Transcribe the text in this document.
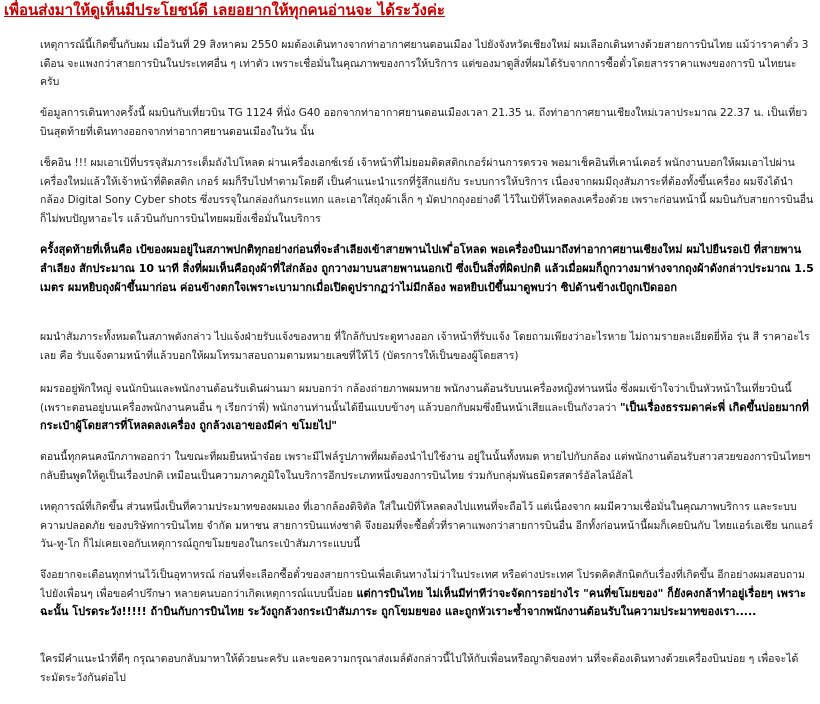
เพื่อนส่งมาให้ดูเห็นมีประโยชน์ดี เลยอยากให้ทุกคนอ่านจะ ได้ระวังค่ะ
เหตุการณ์นี้เกิดขึ้นกับผม เมื่อวันที่ 29 สิงหาคม 2550 ผมต้องเดินทางจากท่าอากาศยานดอนเมือง ไปยังจังหวัดเชียงใหม่ ผมเลือกเดินทางด้วยสายการบินไทย แม้ว่าราคาตั๋ว 3 เดือน จะแพงกว่าสายการบินในประเทศอื่น ๆ เท่าตัว เพราะเชื่อมั่นในคุณภาพของการให้บริการ แต่ของมาดูสิ่งที่ผมได้รับจากการซื้อตั๋วโดยสารราคาแพงของการบิ นไทยนะครับ
ข้อมูลการเดินทางครั้งนี้ ผมบินกับเที่ยวบิน TG 1124 ที่นั่ง G40 ออกจากท่าอากาศยานดอนเมืองเวลา 21.35 น. ถึงท่าอากาศยานเชียงใหม่เวลาประมาณ 22.37 น. เป็นเที่ยวบินสุดท้ายที่เดินทางออกจากท่าอากาศยานดอนเมืองในวัน นั้น
เช็คอิน !!! ผมเอาเป้ที่บรรจุสัมภาระเต็มถังไปโหลด ผ่านเครื่องเอกซ์เรย์ เจ้าหน้าที่ไม่ยอมติดสติกเกอร์ผ่านการตรวจ พอมาเช็คอินที่เคาน์เตอร์ พนักงานบอกให้ผมเอาไปผ่านเครื่องใหม่แล้วให้เจ้าหน้าที่ติดสติก เกอร์ ผมก็รีบไปทำตามโดยดี เป็นคำแนะนำแรกที่รู้สึกแย่กับ ระบบการให้บริการ เนื่องจากผมมีถุงสัมภาระที่ต้องทั้งขึ้นเครื่อง ผมจึงได้นำกล้อง Digital Sony Cyber shots ซึ่งบรรจุในกล่องกันกระแทก และเอาใส่ถุงผ้าเล็ก ๆ มัดปากถุงอย่างดี ไว้ในเป้ที่โหลดลงเครื่องด้วย เพราะก่อนหน้านี้ ผมบินกับสายการบินอื่นก็ไม่พบปัญหาอะไร แล้วบินกับการบินไทยผมยิ่งเชื่อมั่นในบริการ
ครั้งสุดท้ายที่เห็นคือ เป้ของผมอยู่ในสภาพปกติทุกอย่างก่อนที่จะลำเลียงเข้าสายพานไปเพ ื่อโหลด พอเครื่องบินมาถึงท่าอากาศยานเชียงใหม่ ผมไปยืนรอเป้ ที่สายพานลำเลียง สักประมาณ 10 นาที สิ่งที่ผมเห็นคือถุงผ้าที่ใส่กล้อง ถูกวางมาบนสายพานนอกเป้ ซึ่งเป็นสิ่งที่ผิดปกติ แล้วเมื่อผมก็ถูกวางมาห่างจากถุงผ้าดังกล่าวประมาณ 1.5 เมตร ผมหยิบถุงผ้าขึ้นมาก่อน ค่อนข้างตกใจเพราะเบามากเมื่อเปิดดูปรากฏว่าไม่มีกล้อง พอหยิบเป้ขึ้นมาดูพบว่า ซิปด้านข้างเป้ถูกเปิดออก
ผมนำสัมภาระทั้งหมดในสภาพดังกล่าว ไปแจ้งฝ่ายรับแจ้งของหาย ที่ใกล้กับประตูทางออก เจ้าหน้าที่รับแจ้ง โดยถามเพียงว่าอะไรหาย ไม่ถามรายละเอียดยี่ห้อ รุ่น สี ราคาอะไรเลย คือ รับแจ้งตามหน้าที่แล้วบอกให้ผมโทรมาสอบถามตามหมายเลขที่ให้ไว้ (บัตรการให้เป็นของผู้โดยสาร)
ผมรออยู่พักใหญ่ จนนักบินและพนักงานต้อนรับเดินผ่านมา ผมบอกว่า กล้องถ่ายภาพผมหาย พนักงานต้อนรับบนเครื่องหญิงท่านหนึ่ง ซึ่งผมเข้าใจว่าเป็นหัวหน้าในเที่ยวบินนี้ (เพราะตอนอยู่บนเครื่องพนักงานคนอื่น ๆ เรียกว่าพี่) พนักงานท่านนั้นได้ยืนแบบข้างๆ แล้วบอกกับผมซึ่งยืนหน้าเสียและเป็นกังวลว่า "เป็นเรื่องธรรมดาค่ะพี่ เกิดขึ้นบ่อยมากที่กระเป๋าผู้โดยสารที่โหลดลงเครื่อง ถูกล้วงเอาของมีค่า ขโมยไป"
ตอนนี้ทุกคนคงนึกภาพออกว่า ในขณะที่ผมยืนหน้าจ๋อย เพราะมีไฟล์รูปภาพที่ผมต้องนำไปใช้งาน อยู่ในนั้นทั้งหมด หายไปกับกล้อง แต่พนักงานต้อนรับสาวสวยของการบินไทยฯ กลับยืนพูดให้ดูเป็นเรื่องปกติ เหมือนเป็นความภาคภูมิใจในบริการอีกประเภทหนึ่งของการบินไทย ร่วมกับกลุ่มพันธมิตรสตาร์อัลไลน์อัลไ
เหตุการณ์ที่เกิดขึ้น ส่วนหนึ่งเป็นที่ความประมาทของผมเอง ที่เอากล้องดิจิตัล ใส่ในเป้ที่โหลดลงไปแทนที่จะถือไว้ แต่เนื่องจาก ผมมีความเชื่อมั่นในคุณภาพบริการ และระบบความปลอดภัย ของบริษัทการบินไทย จำกัด มหาชน สายการบินแห่งชาติ จึงยอมที่จะซื้อตั๋วที่ราคาแพงกว่าสายการบินอื่น อีกทั้งก่อนหน้านี้ผมก็เคยบินกับ ไทยแอร์เอเชีย นกแอร์ วัน-ทู-โก ก็ไม่เคยเจอกับเหตุการณ์ถูกขโมยของในกระเป๋าสัมภาระแบบนี้
จึงอยากจะเตือนทุกท่านไว้เป็นอุทาหรณ์ ก่อนที่จะเลือกซื้อตั๋วของสายการบินเพื่อเดินทางไม่ว่าในประเทศ หรือต่างประเทศ โปรดคิดสักนิดกับเรื่องที่เกิดขึ้น อีกอย่างผมสอบถามไปยังเพื่อนๆ เพื่อขอคำปรึกษา หลายคนบอกว่าเกิดเหตุการณ์แบบนี้บ่อย แต่การบินไทย ไม่เห็นมีท่าทีว่าจะจัดการอย่างไร "คนที่ขโมยของ" ก็ยังคงกล้าทำอยู่เรื่อยๆ เพราะฉะนั้น โปรดระวัง!!!!! ถ้าบินกับการบินไทย ระวังถูกล้วงกระเป๋าสัมภาระ ถูกโขมยของ และถูกหัวเราะซ้ำจากพนักงานต้อนรับในความประมาทของเรา.....
ใครมีคำแนะนำที่ดีๆ กรุณาตอบกลับมาหาให้ด้วยนะครับ และขอความกรุณาส่งเมล์ดังกล่าวนี้ไปให้กับเพื่อนหรือญาติของท่า นที่จะต้องเดินทางด้วยเครื่องบินบ่อย ๆ เพื่อจะได้ระมัดระวังกันต่อไป
